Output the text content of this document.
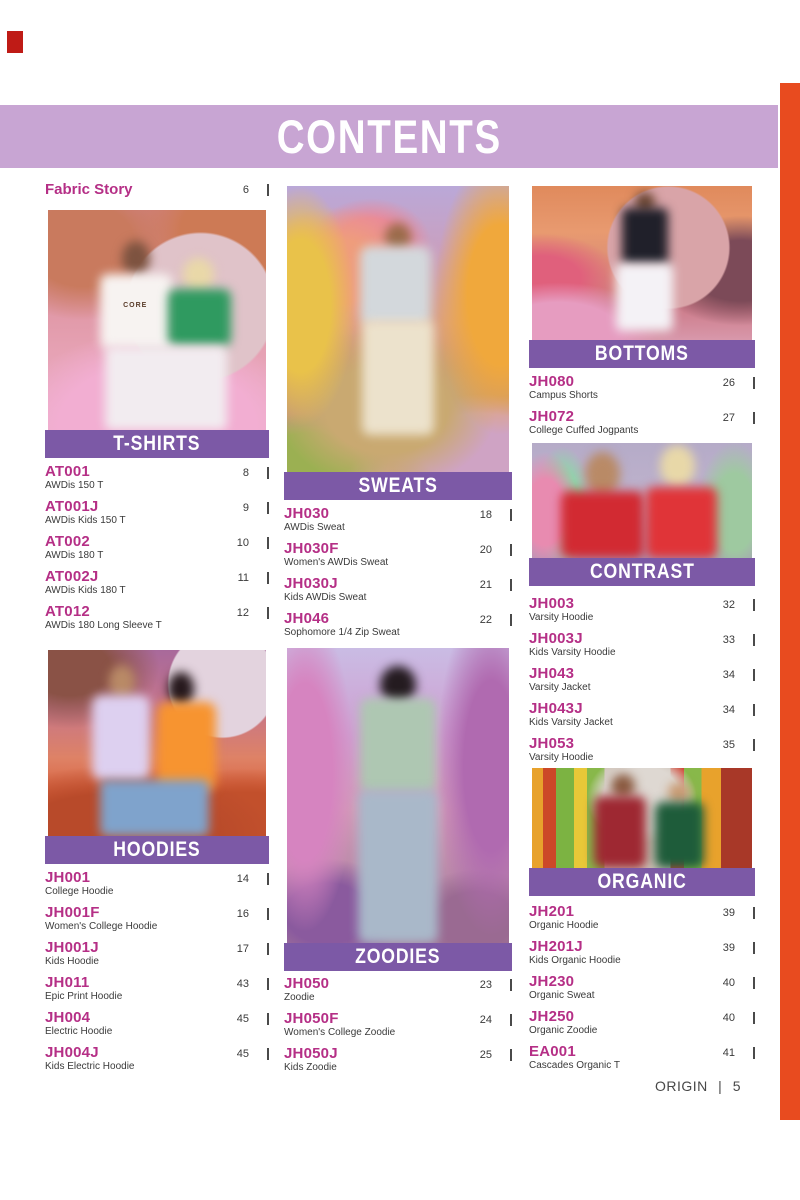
CONTENTS
Fabric Story	6
CORE
T-SHIRTS
AT001
AWDis 150 T
8
AT001J
AWDis Kids 150 T
9
AT002
AWDis 180 T
10
AT002J
AWDis Kids 180 T
11
AT012
AWDis 180 Long Sleeve T
12
HOODIES
JH001
College Hoodie
14
JH001F
Women's College Hoodie
16
JH001J
Kids Hoodie
17
JH011
Epic Print Hoodie
43
JH004
Electric Hoodie
45
JH004J
Kids Electric Hoodie
45
SWEATS
JH030
AWDis Sweat
18
JH030F
Women's AWDis Sweat
20
JH030J
Kids AWDis Sweat
21
JH046
Sophomore 1/4 Zip Sweat
22
ZOODIES
JH050
Zoodie
23
JH050F
Women's College Zoodie
24
JH050J
Kids Zoodie
25
BOTTOMS
JH080
Campus Shorts
26
JH072
College Cuffed Jogpants
27
CONTRAST
JH003
Varsity Hoodie
32
JH003J
Kids Varsity Hoodie
33
JH043
Varsity Jacket
34
JH043J
Kids Varsity Jacket
34
JH053
Varsity Hoodie
35
ORGANIC
JH201
Organic Hoodie
39
JH201J
Kids Organic Hoodie
39
JH230
Organic Sweat
40
JH250
Organic Zoodie
40
EA001
Cascades Organic T
41
ORIGIN | 5
